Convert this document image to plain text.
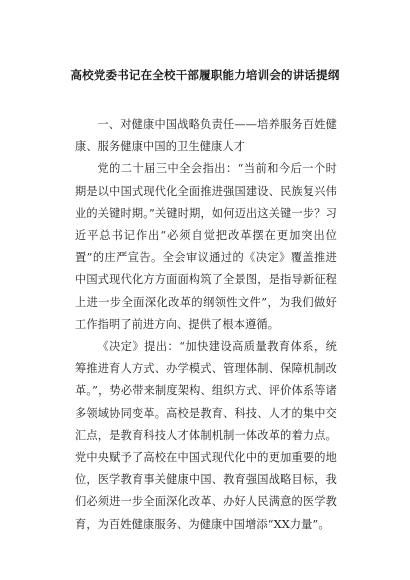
高校党委书记在全校干部履职能力培训会的讲话提纲

一、对健康中国战略负责任——培养服务百姓健康、服务健康中国的卫生健康人才

党的二十届三中全会指出：“当前和今后一个时期是以中国式现代化全面推进强国建设、民族复兴伟业的关键时期。”关键时期，如何迈出这关键一步？习近平总书记作出“必须自觉把改革摆在更加突出位置”的庄严宣告。全会审议通过的《决定》覆盖推进中国式现代化方方面面构筑了全景图，是指导新征程上进一步全面深化改革的纲领性文件”，为我们做好工作指明了前进方向、提供了根本遵循。

《决定》提出：“加快建设高质量教育体系，统筹推进育人方式、办学模式、管理体制、保障机制改革。”，势必带来制度架构、组织方式、评价体系等诸多领域协同变革。高校是教育、科技、人才的集中交汇点，是教育科技人才体制机制一体改革的着力点。党中央赋予了高校在中国式现代化中的更加重要的地位，医学教育事关健康中国、教育强国战略目标，我们必须进一步全面深化改革、办好人民满意的医学教育，为百姓健康服务、为健康中国增添“XX力量”。
